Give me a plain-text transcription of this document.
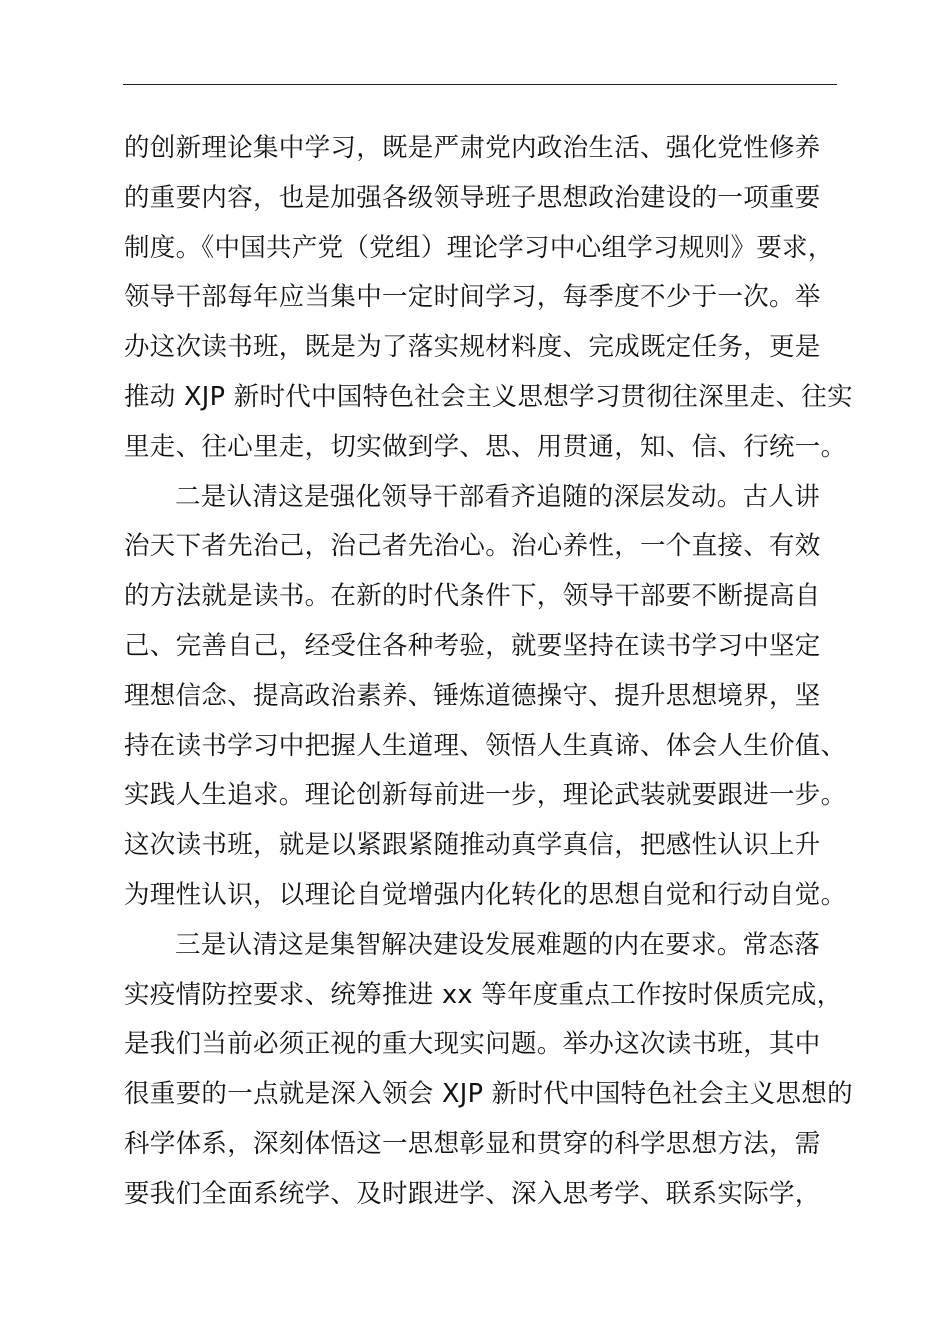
的创新理论集中学习，既是严肃党内政治生活、强化党性修养
的重要内容，也是加强各级领导班子思想政治建设的一项重要
制度。《中国共产党（党组）理论学习中心组学习规则》要求，
领导干部每年应当集中一定时间学习，每季度不少于一次。举
办这次读书班，既是为了落实规材料度、完成既定任务，更是
推动 XJP 新时代中国特色社会主义思想学习贯彻往深里走、往实
里走、往心里走，切实做到学、思、用贯通，知、信、行统一。
二是认清这是强化领导干部看齐追随的深层发动。古人讲
治天下者先治己，治己者先治心。治心养性，一个直接、有效
的方法就是读书。在新的时代条件下，领导干部要不断提高自
己、完善自己，经受住各种考验，就要坚持在读书学习中坚定
理想信念、提高政治素养、锤炼道德操守、提升思想境界，坚
持在读书学习中把握人生道理、领悟人生真谛、体会人生价值、
实践人生追求。理论创新每前进一步，理论武装就要跟进一步。
这次读书班，就是以紧跟紧随推动真学真信，把感性认识上升
为理性认识，以理论自觉增强内化转化的思想自觉和行动自觉。
三是认清这是集智解决建设发展难题的内在要求。常态落
实疫情防控要求、统筹推进 xx 等年度重点工作按时保质完成，
是我们当前必须正视的重大现实问题。举办这次读书班，其中
很重要的一点就是深入领会 XJP 新时代中国特色社会主义思想的
科学体系，深刻体悟这一思想彰显和贯穿的科学思想方法，需
要我们全面系统学、及时跟进学、深入思考学、联系实际学，
